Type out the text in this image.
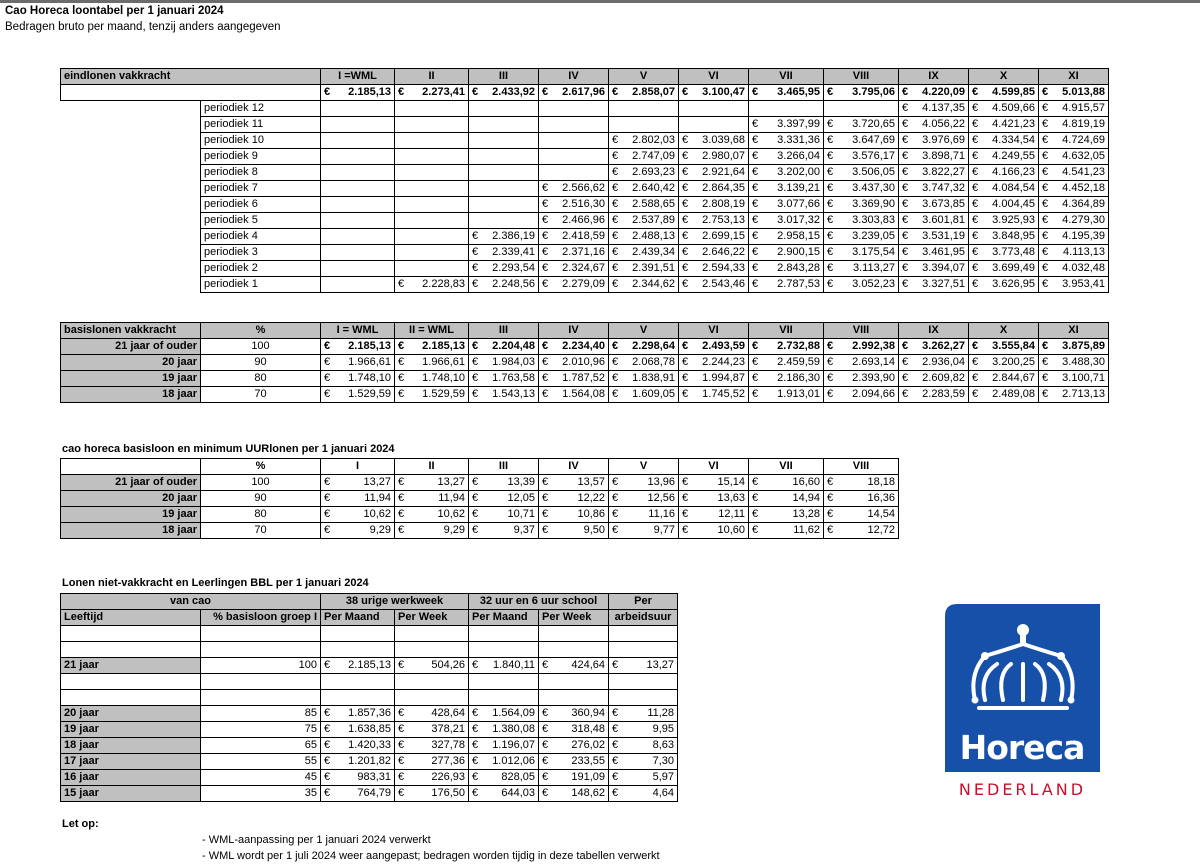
Cao Horeca loontabel per 1 januari 2024
Bedragen bruto per maand, tenzij anders aangegeven
eindlonen vakkracht		I =WML	II	III	IV	V	VI	VII	VIII	IX	X	XI

		€ 2.185,13	€ 2.273,41	€ 2.433,92	€ 2.617,96	€ 2.858,07	€ 3.100,47	€ 3.465,95	€ 3.795,06	€ 4.220,09	€ 4.599,85	€ 5.013,88

	periodiek 12									€ 4.137,35	€ 4.509,66	€ 4.915,57

	periodiek 11							€ 3.397,99	€ 3.720,65	€ 4.056,22	€ 4.421,23	€ 4.819,19

	periodiek 10					€ 2.802,03	€ 3.039,68	€ 3.331,36	€ 3.647,69	€ 3.976,69	€ 4.334,54	€ 4.724,69

	periodiek 9					€ 2.747,09	€ 2.980,07	€ 3.266,04	€ 3.576,17	€ 3.898,71	€ 4.249,55	€ 4.632,05

	periodiek 8					€ 2.693,23	€ 2.921,64	€ 3.202,00	€ 3.506,05	€ 3.822,27	€ 4.166,23	€ 4.541,23

	periodiek 7				€ 2.566,62	€ 2.640,42	€ 2.864,35	€ 3.139,21	€ 3.437,30	€ 3.747,32	€ 4.084,54	€ 4.452,18

	periodiek 6				€ 2.516,30	€ 2.588,65	€ 2.808,19	€ 3.077,66	€ 3.369,90	€ 3.673,85	€ 4.004,45	€ 4.364,89

	periodiek 5				€ 2.466,96	€ 2.537,89	€ 2.753,13	€ 3.017,32	€ 3.303,83	€ 3.601,81	€ 3.925,93	€ 4.279,30

	periodiek 4			€ 2.386,19	€ 2.418,59	€ 2.488,13	€ 2.699,15	€ 2.958,15	€ 3.239,05	€ 3.531,19	€ 3.848,95	€ 4.195,39

	periodiek 3			€ 2.339,41	€ 2.371,16	€ 2.439,34	€ 2.646,22	€ 2.900,15	€ 3.175,54	€ 3.461,95	€ 3.773,48	€ 4.113,13

	periodiek 2			€ 2.293,54	€ 2.324,67	€ 2.391,51	€ 2.594,33	€ 2.843,28	€ 3.113,27	€ 3.394,07	€ 3.699,49	€ 4.032,48

	periodiek 1		€ 2.228,83	€ 2.248,56	€ 2.279,09	€ 2.344,62	€ 2.543,46	€ 2.787,53	€ 3.052,23	€ 3.327,51	€ 3.626,95	€ 3.953,41
basislonen vakkracht	%	I = WML	II = WML	III	IV	V	VI	VII	VIII	IX	X	XI
21 jaar of ouder	100	€ 2.185,13	€ 2.185,13	€ 2.204,48	€ 2.234,40	€ 2.298,64	€ 2.493,59	€ 2.732,88	€ 2.992,38	€ 3.262,27	€ 3.555,84	€ 3.875,89

20 jaar	90	€ 1.966,61	€ 1.966,61	€ 1.984,03	€ 2.010,96	€ 2.068,78	€ 2.244,23	€ 2.459,59	€ 2.693,14	€ 2.936,04	€ 3.200,25	€ 3.488,30

19 jaar	80	€ 1.748,10	€ 1.748,10	€ 1.763,58	€ 1.787,52	€ 1.838,91	€ 1.994,87	€ 2.186,30	€ 2.393,90	€ 2.609,82	€ 2.844,67	€ 3.100,71

18 jaar	70	€ 1.529,59	€ 1.529,59	€ 1.543,13	€ 1.564,08	€ 1.609,05	€ 1.745,52	€ 1.913,01	€ 2.094,66	€ 2.283,59	€ 2.489,08	€ 2.713,13
cao horeca basisloon en minimum UURlonen per 1 januari 2024
	%	I	II	III	IV	V	VI	VII	VIII
21 jaar of ouder	100	€ 13,27	€ 13,27	€ 13,39	€ 13,57	€ 13,96	€ 15,14	€ 16,60	€ 18,18

20 jaar	90	€ 11,94	€ 11,94	€ 12,05	€ 12,22	€ 12,56	€ 13,63	€ 14,94	€ 16,36

19 jaar	80	€ 10,62	€ 10,62	€ 10,71	€ 10,86	€ 11,16	€ 12,11	€ 13,28	€ 14,54

18 jaar	70	€ 9,29	€ 9,29	€ 9,37	€ 9,50	€ 9,77	€ 10,60	€ 11,62	€ 12,72
Lonen niet-vakkracht en Leerlingen BBL per 1 januari 2024
van cao		38 urige werkweek		32 uur en 6 uur school		Per
Leeftijd	% basisloon groep I	Per Maand	Per Week	Per Maand	Per Week	arbeidsuur

21 jaar	100	€ 2.185,13	€ 504,26	€ 1.840,11	€ 424,64	€ 13,27

20 jaar	85	€ 1.857,36	€ 428,64	€ 1.564,09	€ 360,94	€ 11,28

19 jaar	75	€ 1.638,85	€ 378,21	€ 1.380,08	€ 318,48	€ 9,95

18 jaar	65	€ 1.420,33	€ 327,78	€ 1.196,07	€ 276,02	€ 8,63

17 jaar	55	€ 1.201,82	€ 277,36	€ 1.012,06	€ 233,55	€ 7,30

16 jaar	45	€ 983,31	€ 226,93	€ 828,05	€ 191,09	€ 5,97

15 jaar	35	€ 764,79	€ 176,50	€ 644,03	€ 148,62	€ 4,64
Let op:
- WML-aanpassing per 1 januari 2024 verwerkt
- WML wordt per 1 juli 2024 weer aangepast; bedragen worden tijdig in deze tabellen verwerkt
Horeca
NEDERLAND
